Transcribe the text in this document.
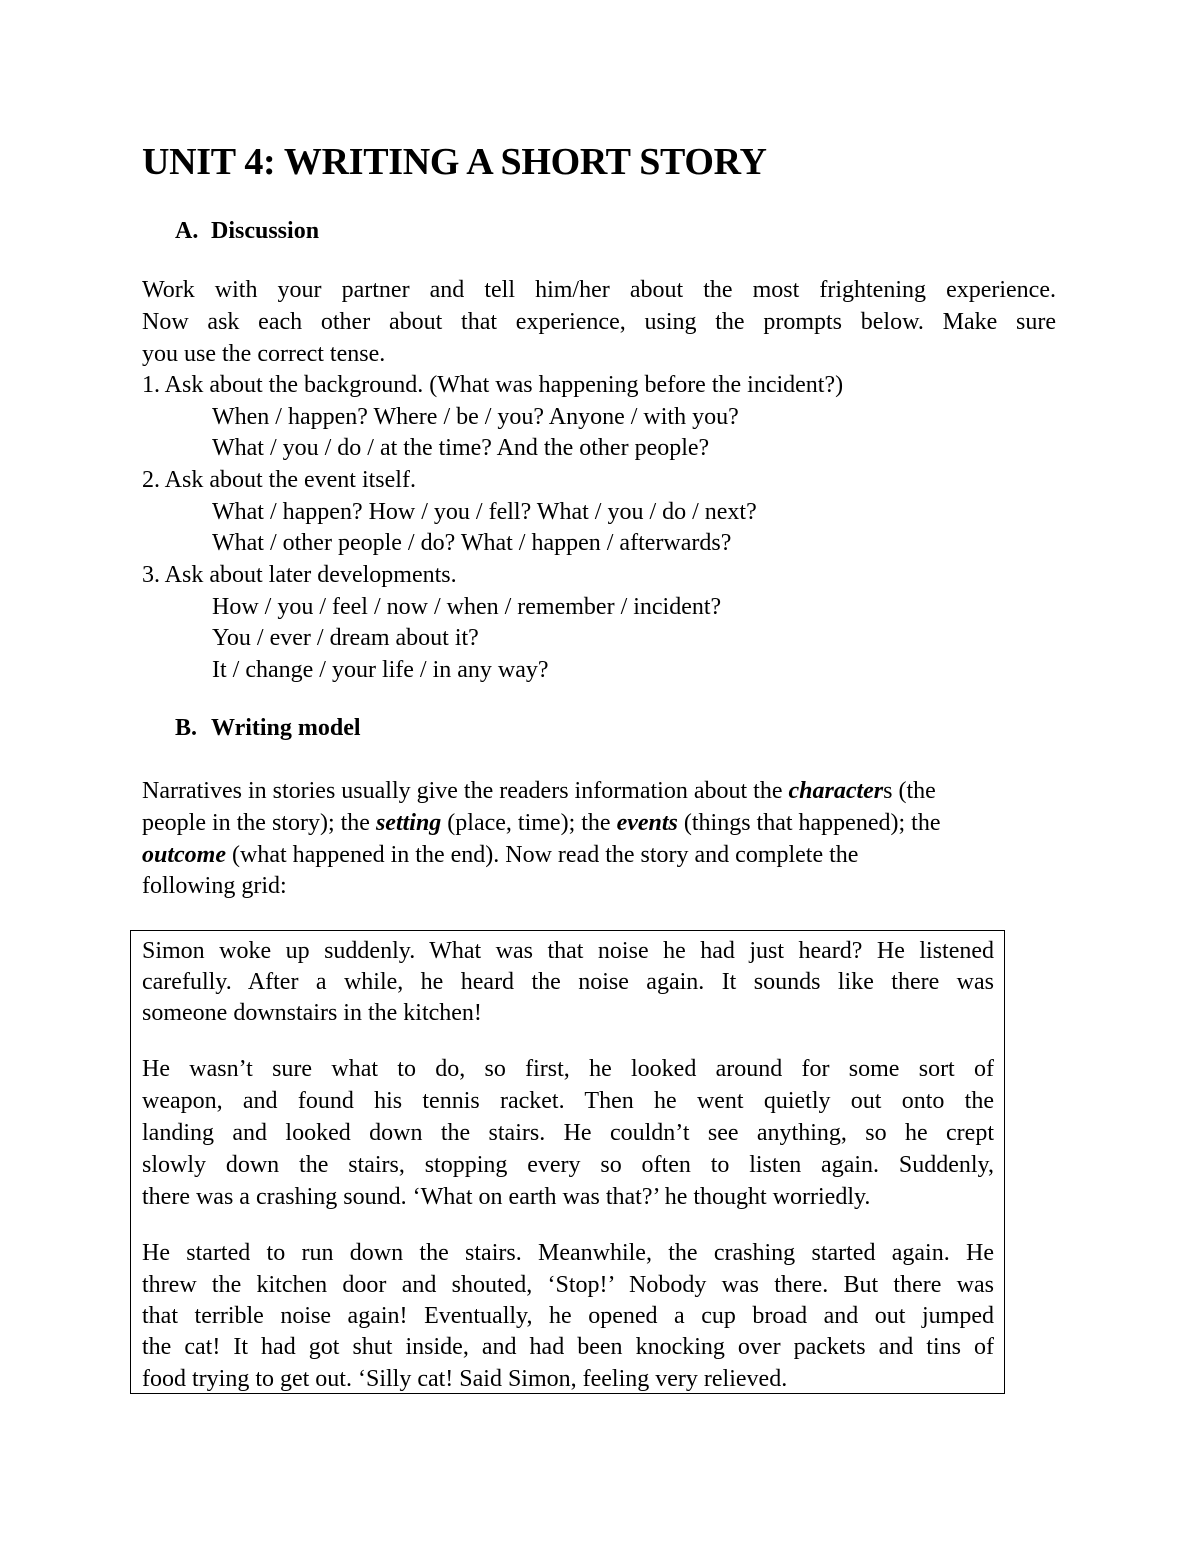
UNIT 4: WRITING A SHORT STORY
A. Discussion
Work with your partner and tell him/her about the most frightening experience.
Now ask each other about that experience, using the prompts below. Make sure
you use the correct tense.
1. Ask about the background. (What was happening before the incident?)
When / happen? Where / be / you? Anyone / with you?
What / you / do / at the time? And the other people?
2. Ask about the event itself.
What / happen? How / you / fell? What / you / do / next?
What / other people / do? What / happen / afterwards?
3. Ask about later developments.
How / you / feel / now / when / remember / incident?
You / ever / dream about it?
It / change / your life / in any way?
B. Writing model
Narratives in stories usually give the readers information about the characters (the
people in the story); the setting (place, time); the events (things that happened); the
outcome (what happened in the end). Now read the story and complete the
following grid:
Simon woke up suddenly. What was that noise he had just heard? He listened
carefully. After a while, he heard the noise again. It sounds like there was
someone downstairs in the kitchen!
He wasn’t sure what to do, so first, he looked around for some sort of
weapon, and found his tennis racket. Then he went quietly out onto the
landing and looked down the stairs. He couldn’t see anything, so he crept
slowly down the stairs, stopping every so often to listen again. Suddenly,
there was a crashing sound. ‘What on earth was that?’ he thought worriedly.
He started to run down the stairs. Meanwhile, the crashing started again. He
threw the kitchen door and shouted, ‘Stop!’ Nobody was there. But there was
that terrible noise again! Eventually, he opened a cup broad and out jumped
the cat! It had got shut inside, and had been knocking over packets and tins of
food trying to get out. ‘Silly cat! Said Simon, feeling very relieved.
